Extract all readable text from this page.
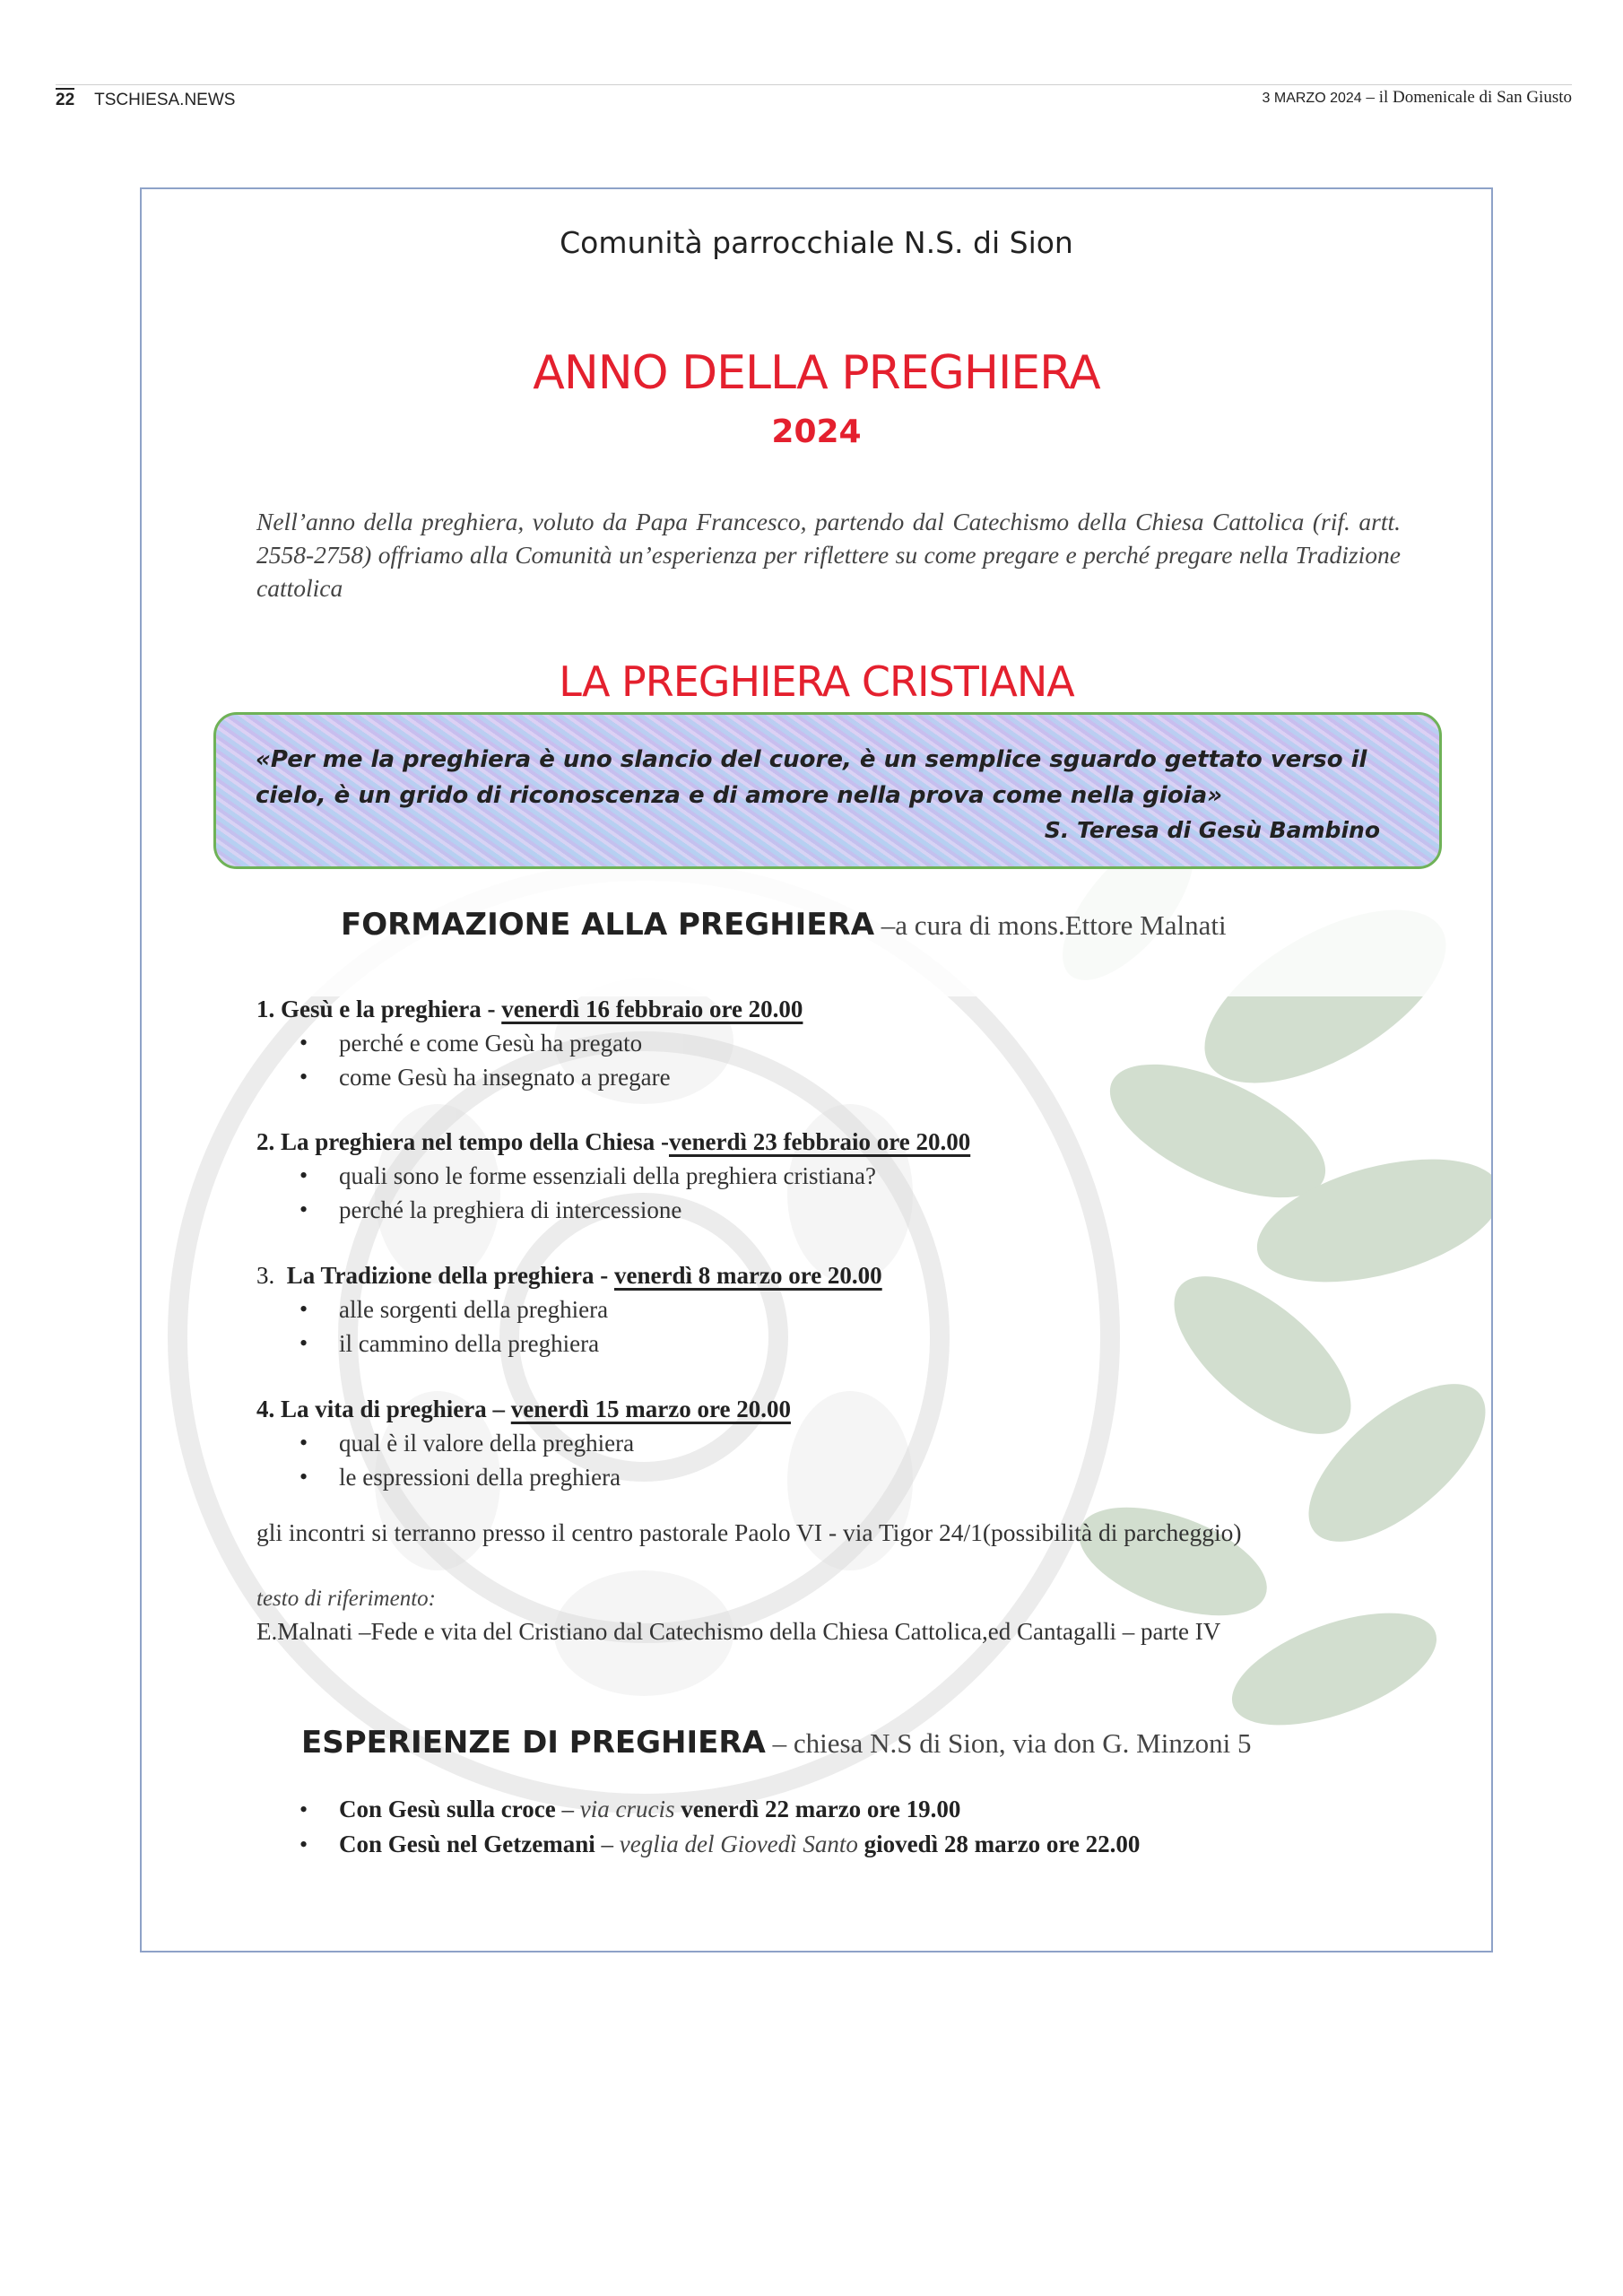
22 TSCHIESA.NEWS	3 MARZO 2024 – il Domenicale di San Giusto
Comunità parrocchiale N.S. di Sion
ANNO DELLA PREGHIERA
2024
Nell’anno della preghiera, voluto da Papa Francesco, partendo dal Catechismo della Chiesa Cattolica (rif. artt. 2558-2758) offriamo alla Comunità un’esperienza per riflettere su come pregare e perché pregare nella Tradizione cattolica
LA PREGHIERA CRISTIANA
«Per me la preghiera è uno slancio del cuore, è un semplice sguardo gettato verso il cielo, è un grido di riconoscenza e di amore nella prova come nella gioia»
S. Teresa di Gesù Bambino
FORMAZIONE ALLA PREGHIERA –a cura di mons.Ettore Malnati
1. Gesù e la preghiera - venerdì 16 febbraio ore 20.00
• perché e come Gesù ha pregato
• come Gesù ha insegnato a pregare
2. La preghiera nel tempo della Chiesa -venerdì 23 febbraio ore 20.00
• quali sono le forme essenziali della preghiera cristiana?
• perché la preghiera di intercessione
3. La Tradizione della preghiera - venerdì 8 marzo ore 20.00
• alle sorgenti della preghiera
• il cammino della preghiera
4. La vita di preghiera – venerdì 15 marzo ore 20.00
• qual è il valore della preghiera
• le espressioni della preghiera
gli incontri si terranno presso il centro pastorale Paolo VI - via Tigor 24/1(possibilità di parcheggio)
testo di riferimento:
E.Malnati –Fede e vita del Cristiano dal Catechismo della Chiesa Cattolica,ed Cantagalli – parte IV
ESPERIENZE DI PREGHIERA – chiesa N.S di Sion, via don G. Minzoni 5
• Con Gesù sulla croce – via crucis venerdì 22 marzo ore 19.00
• Con Gesù nel Getzemani – veglia del Giovedì Santo giovedì 28 marzo ore 22.00
